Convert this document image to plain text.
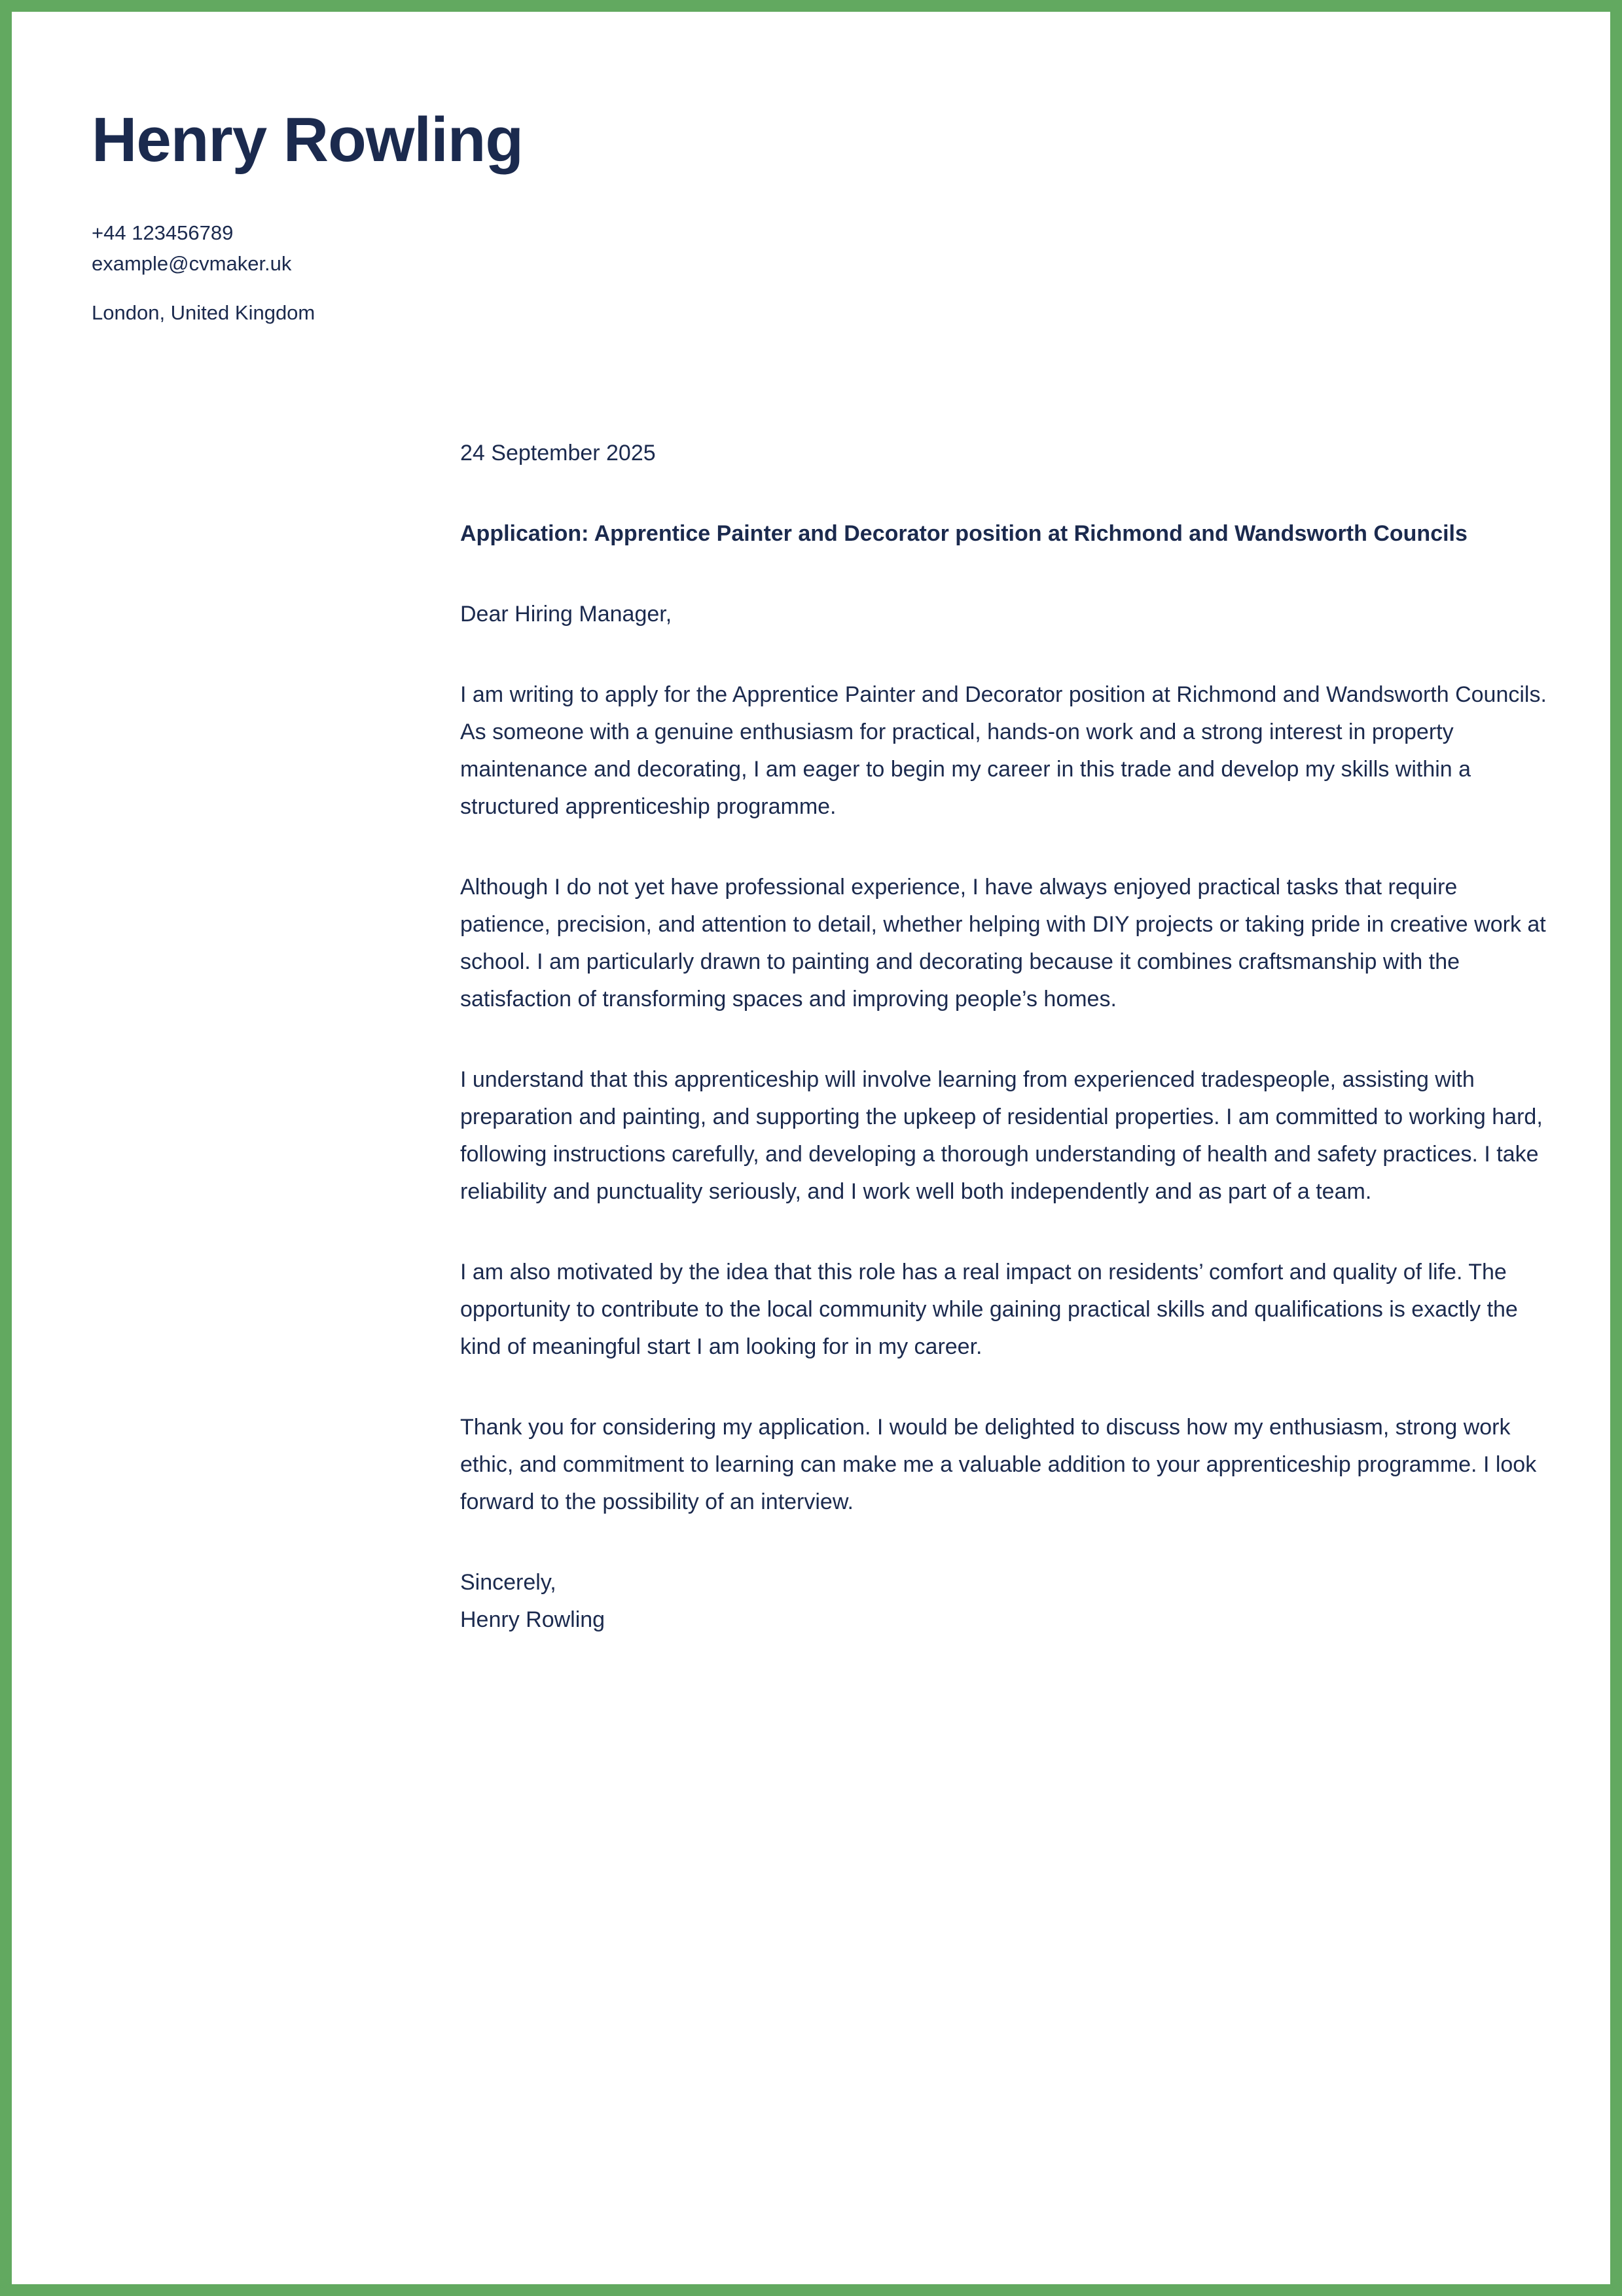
Henry Rowling

+44 123456789

example@cvmaker.uk

London, United Kingdom

24 September 2025

Application: Apprentice Painter and Decorator position at Richmond and Wandsworth Councils

Dear Hiring Manager,

I am writing to apply for the Apprentice Painter and Decorator position at Richmond and Wandsworth Councils. As someone with a genuine enthusiasm for practical, hands-on work and a strong interest in property maintenance and decorating, I am eager to begin my career in this trade and develop my skills within a structured apprenticeship programme.

Although I do not yet have professional experience, I have always enjoyed practical tasks that require patience, precision, and attention to detail, whether helping with DIY projects or taking pride in creative work at school. I am particularly drawn to painting and decorating because it combines craftsmanship with the satisfaction of transforming spaces and improving people’s homes.

I understand that this apprenticeship will involve learning from experienced tradespeople, assisting with preparation and painting, and supporting the upkeep of residential properties. I am committed to working hard, following instructions carefully, and developing a thorough understanding of health and safety practices. I take reliability and punctuality seriously, and I work well both independently and as part of a team.

I am also motivated by the idea that this role has a real impact on residents’ comfort and quality of life. The opportunity to contribute to the local community while gaining practical skills and qualifications is exactly the kind of meaningful start I am looking for in my career.

Thank you for considering my application. I would be delighted to discuss how my enthusiasm, strong work ethic, and commitment to learning can make me a valuable addition to your apprenticeship programme. I look forward to the possibility of an interview.

Sincerely,

Henry Rowling
